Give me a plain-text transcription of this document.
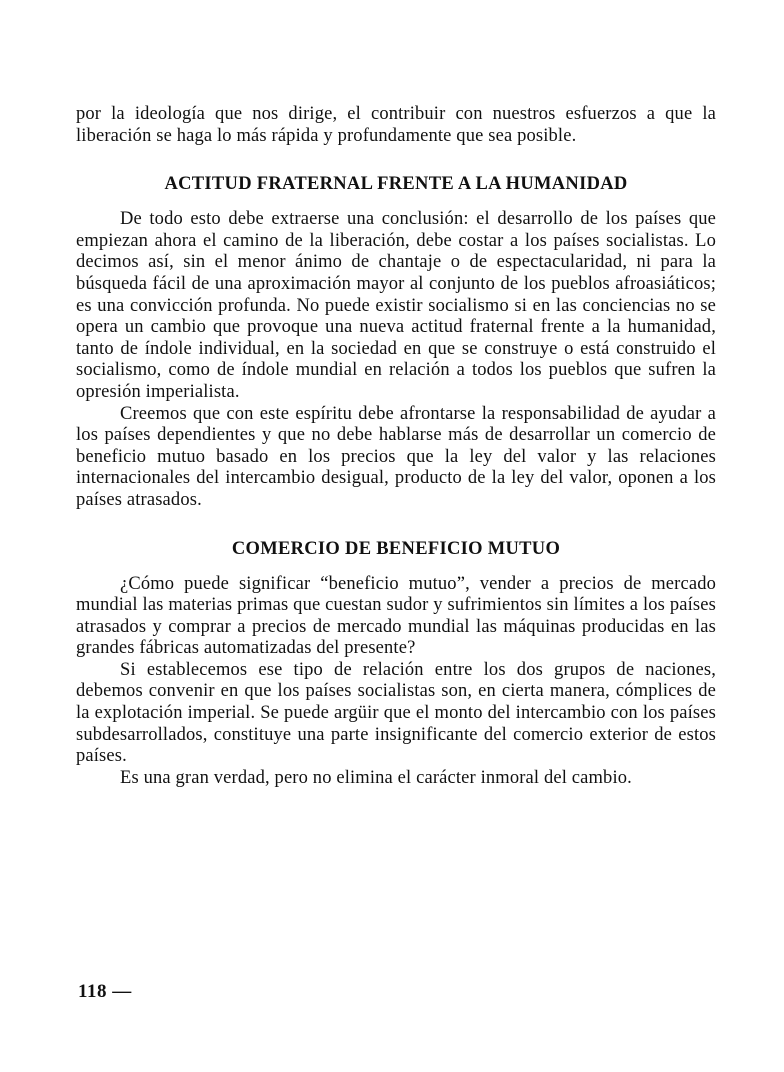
por la ideología que nos dirige, el contribuir con nuestros esfuerzos a que la liberación se haga lo más rápida y profundamente que sea posible.

ACTITUD FRATERNAL FRENTE A LA HUMANIDAD

De todo esto debe extraerse una conclusión: el desarrollo de los países que empiezan ahora el camino de la liberación, debe costar a los países socialistas. Lo decimos así, sin el menor ánimo de chantaje o de espectacularidad, ni para la búsqueda fácil de una aproximación mayor al conjunto de los pueblos afroasiáticos; es una convicción profunda. No puede existir socialismo si en las conciencias no se opera un cambio que provoque una nueva actitud fraternal frente a la humanidad, tanto de índole individual, en la sociedad en que se construye o está construido el socialismo, como de índole mundial en relación a todos los pueblos que sufren la opresión imperialista.

Creemos que con este espíritu debe afrontarse la responsabilidad de ayudar a los países dependientes y que no debe hablarse más de desarrollar un comercio de beneficio mutuo basado en los precios que la ley del valor y las relaciones internacionales del intercambio desigual, producto de la ley del valor, oponen a los países atrasados.

COMERCIO DE BENEFICIO MUTUO

¿Cómo puede significar “beneficio mutuo”, vender a precios de mercado mundial las materias primas que cuestan sudor y sufrimientos sin límites a los países atrasados y comprar a precios de mercado mundial las máquinas producidas en las grandes fábricas automatizadas del presente?

Si establecemos ese tipo de relación entre los dos grupos de naciones, debemos convenir en que los países socialistas son, en cierta manera, cómplices de la explotación imperial. Se puede argüir que el monto del intercambio con los países subdesarrollados, constituye una parte insignificante del comercio exterior de estos países.

Es una gran verdad, pero no elimina el carácter inmoral del cambio.

118 —
